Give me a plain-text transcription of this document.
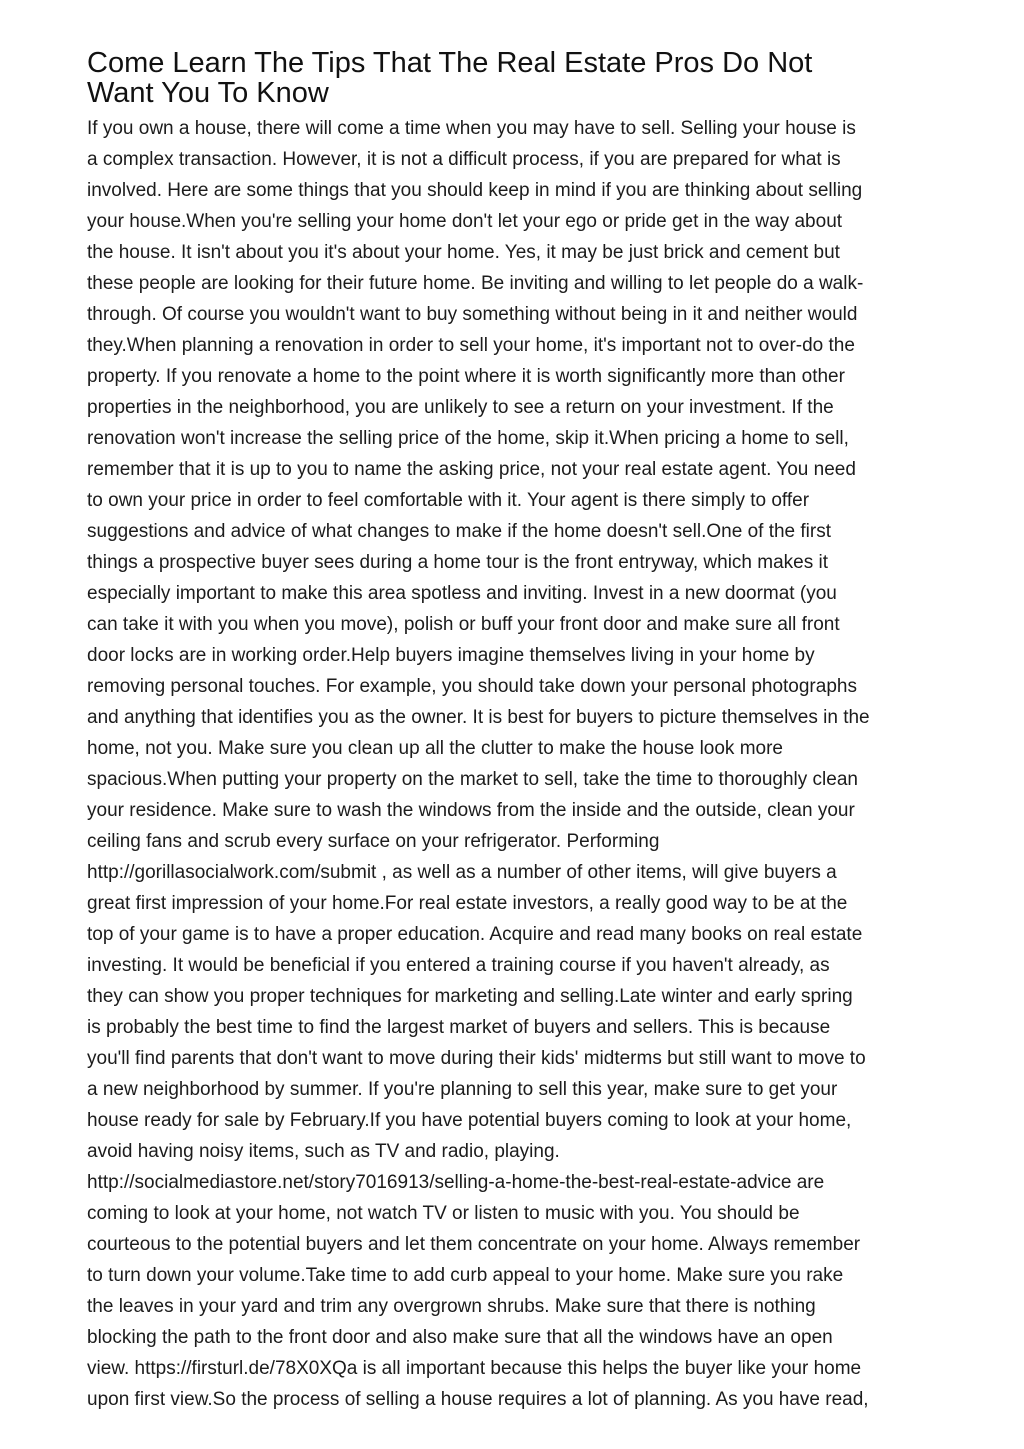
Come Learn The Tips That The Real Estate Pros Do Not
Want You To Know
If you own a house, there will come a time when you may have to sell. Selling your house is
a complex transaction. However, it is not a difficult process, if you are prepared for what is
involved. Here are some things that you should keep in mind if you are thinking about selling
your house.When you're selling your home don't let your ego or pride get in the way about
the house. It isn't about you it's about your home. Yes, it may be just brick and cement but
these people are looking for their future home. Be inviting and willing to let people do a walk-
through. Of course you wouldn't want to buy something without being in it and neither would
they.When planning a renovation in order to sell your home, it's important not to over-do the
property. If you renovate a home to the point where it is worth significantly more than other
properties in the neighborhood, you are unlikely to see a return on your investment. If the
renovation won't increase the selling price of the home, skip it.When pricing a home to sell,
remember that it is up to you to name the asking price, not your real estate agent. You need
to own your price in order to feel comfortable with it. Your agent is there simply to offer
suggestions and advice of what changes to make if the home doesn't sell.One of the first
things a prospective buyer sees during a home tour is the front entryway, which makes it
especially important to make this area spotless and inviting. Invest in a new doormat (you
can take it with you when you move), polish or buff your front door and make sure all front
door locks are in working order.Help buyers imagine themselves living in your home by
removing personal touches. For example, you should take down your personal photographs
and anything that identifies you as the owner. It is best for buyers to picture themselves in the
home, not you. Make sure you clean up all the clutter to make the house look more
spacious.When putting your property on the market to sell, take the time to thoroughly clean
your residence. Make sure to wash the windows from the inside and the outside, clean your
ceiling fans and scrub every surface on your refrigerator. Performing
http://gorillasocialwork.com/submit , as well as a number of other items, will give buyers a
great first impression of your home.For real estate investors, a really good way to be at the
top of your game is to have a proper education. Acquire and read many books on real estate
investing. It would be beneficial if you entered a training course if you haven't already, as
they can show you proper techniques for marketing and selling.Late winter and early spring
is probably the best time to find the largest market of buyers and sellers. This is because
you'll find parents that don't want to move during their kids' midterms but still want to move to
a new neighborhood by summer. If you're planning to sell this year, make sure to get your
house ready for sale by February.If you have potential buyers coming to look at your home,
avoid having noisy items, such as TV and radio, playing.
http://socialmediastore.net/story7016913/selling-a-home-the-best-real-estate-advice are
coming to look at your home, not watch TV or listen to music with you. You should be
courteous to the potential buyers and let them concentrate on your home. Always remember
to turn down your volume.Take time to add curb appeal to your home. Make sure you rake
the leaves in your yard and trim any overgrown shrubs. Make sure that there is nothing
blocking the path to the front door and also make sure that all the windows have an open
view. https://firsturl.de/78X0XQa is all important because this helps the buyer like your home
upon first view.So the process of selling a house requires a lot of planning. As you have read,
